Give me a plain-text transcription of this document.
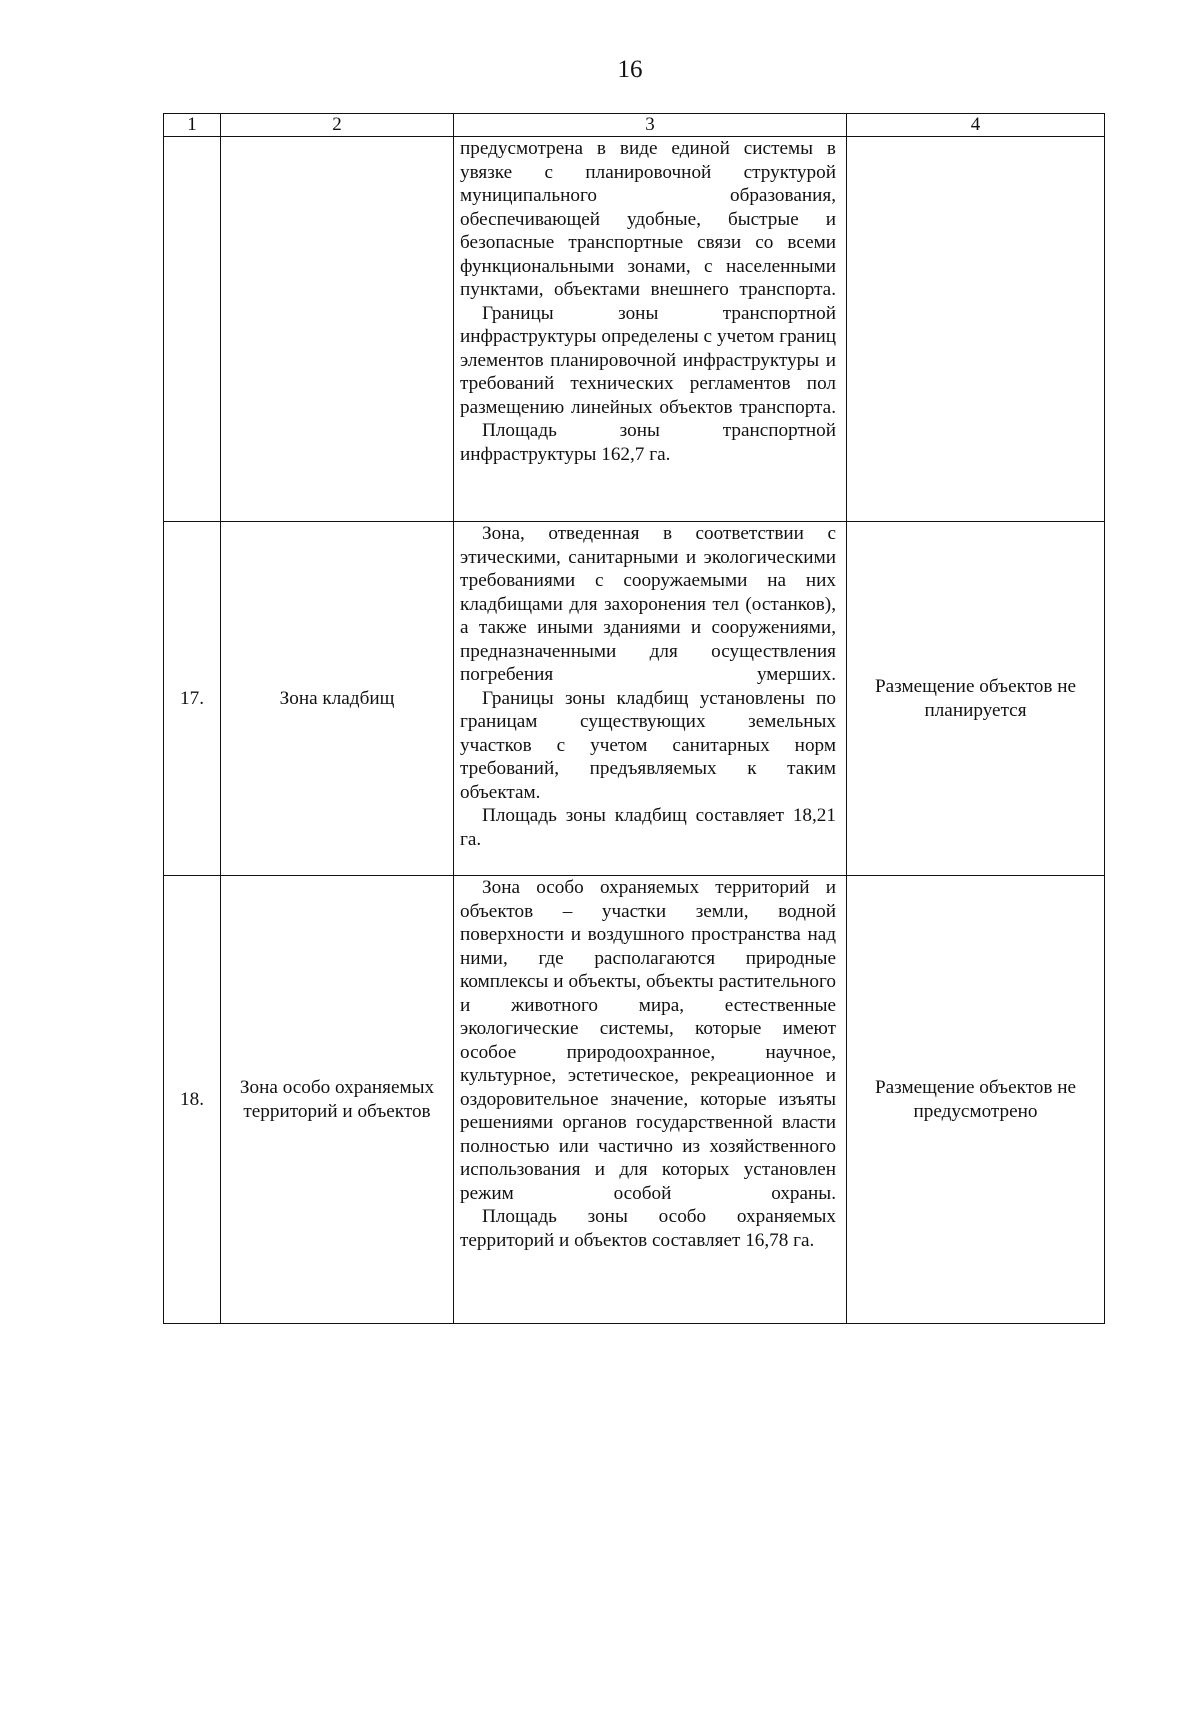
16
1	2	3	4

		предусмотрена в виде единой системы в увязке с планировочной структурой муниципального образования, обеспечивающей удобные, быстрые и безопасные транспортные связи со всеми функциональными зонами, с населенными пунктами, объектами внешнего транспорта.

Границы зоны транспортной инфраструктуры определены с учетом границ элементов планировочной инфраструктуры и требований технических регламентов пол размещению линейных объектов транспорта.

Площадь зоны транспортной инфраструктуры 162,7 га.	

17.	Зона кладбищ	Зона, отведенная в соответствии с этическими, санитарными и экологическими требованиями с сооружаемыми на них кладбищами для захоронения тел (останков), а также иными зданиями и сооружениями, предназначенными для осуществления погребения умерших.

Границы зоны кладбищ установлены по границам существующих земельных участков с учетом санитарных норм требований, предъявляемых к таким объектам.

Площадь зоны кладбищ составляет 18,21 га.	Размещение объектов не планируется
18.	Зона особо охраняемых территорий и объектов	Зона особо охраняемых территорий и объектов – участки земли, водной поверхности и воздушного пространства над ними, где располагаются природные комплексы и объекты, объекты растительного и животного мира, естественные экологические системы, которые имеют особое природоохранное, научное, культурное, эстетическое, рекреационное и оздоровительное значение, которые изъяты решениями органов государственной власти полностью или частично из хозяйственного использования и для которых установлен режим особой охраны.

Площадь зоны особо охраняемых территорий и объектов составляет 16,78 га.	Размещение объектов не предусмотрено
